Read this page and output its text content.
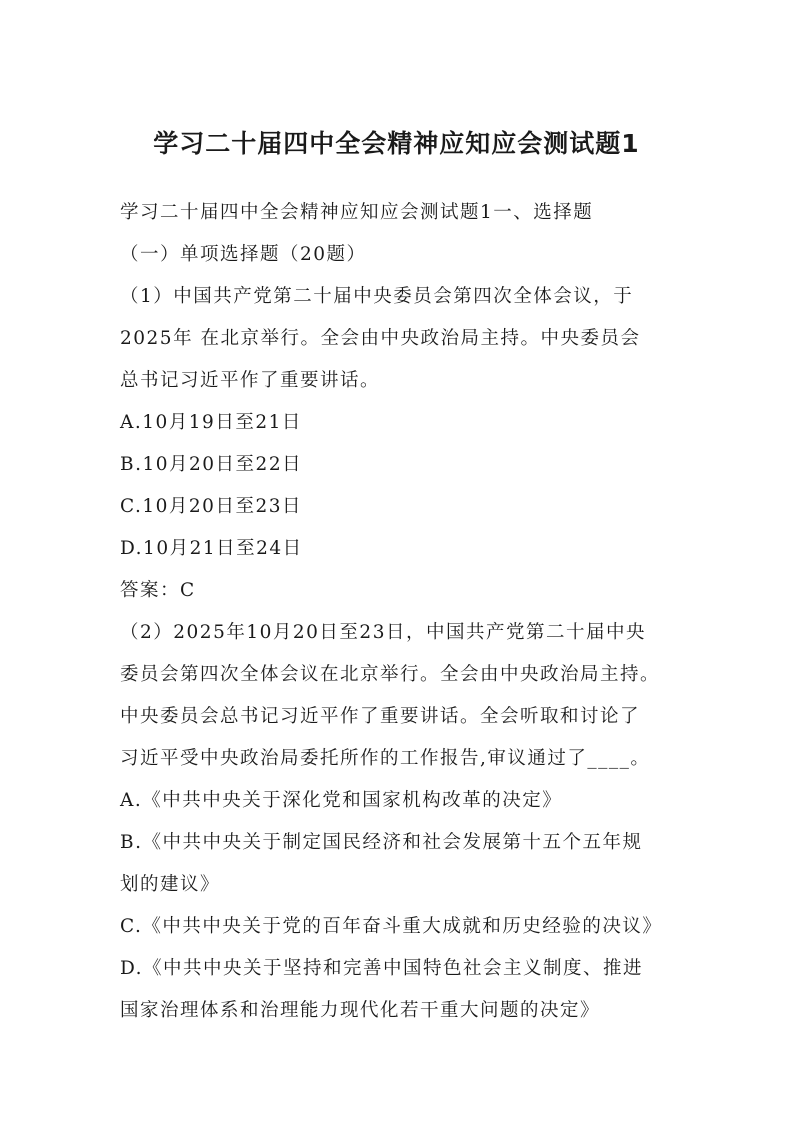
学习二十届四中全会精神应知应会测试题1
学习二十届四中全会精神应知应会测试题1一、选择题
（一）单项选择题（20题）
（1）中国共产党第二十届中央委员会第四次全体会议，于
2025年 在北京举行。全会由中央政治局主持。中央委员会
总书记习近平作了重要讲话。
A.10月19日至21日
B.10月20日至22日
C.10月20日至23日
D.10月21日至24日
答案：C
（2）2025年10月20日至23日，中国共产党第二十届中央
委员会第四次全体会议在北京举行。全会由中央政治局主持。
中央委员会总书记习近平作了重要讲话。全会听取和讨论了
习近平受中央政治局委托所作的工作报告,审议通过了____。
A.《中共中央关于深化党和国家机构改革的决定》
B.《中共中央关于制定国民经济和社会发展第十五个五年规
划的建议》
C.《中共中央关于党的百年奋斗重大成就和历史经验的决议》
D.《中共中央关于坚持和完善中国特色社会主义制度、推进
国家治理体系和治理能力现代化若干重大问题的决定》
